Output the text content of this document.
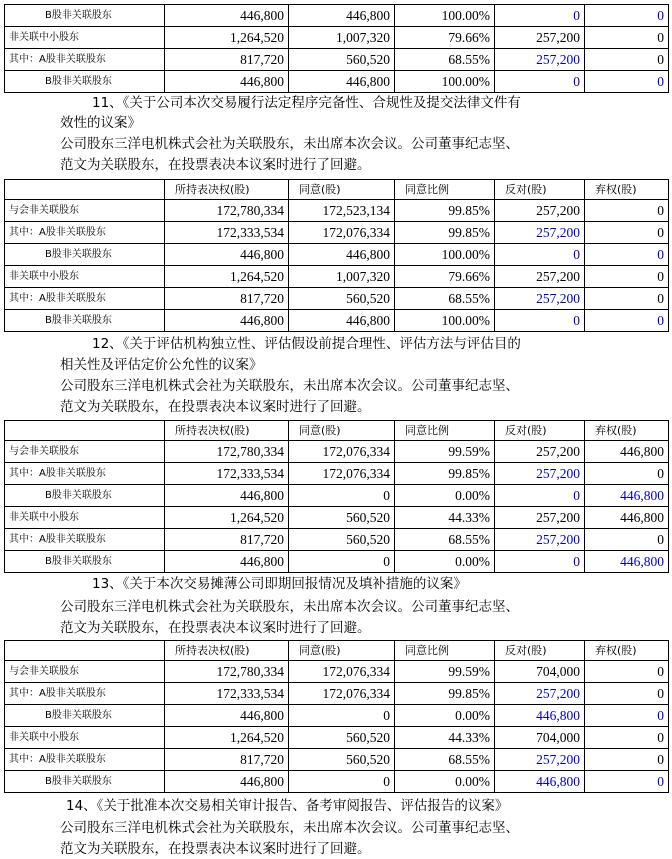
B股非关联股东	446,800	446,800	100.00%	0	0
非关联中小股东	1,264,520	1,007,320	79.66%	257,200	0
其中：A股非关联股东	817,720	560,520	68.55%	257,200	0
B股非关联股东	446,800	446,800	100.00%	0	0
11、《关于公司本次交易履行法定程序完备性、合规性及提交法律文件有
效性的议案》
公司股东三洋电机株式会社为关联股东，未出席本次会议。公司董事纪志坚、
范文为关联股东，在投票表决本议案时进行了回避。
	所持表决权(股)	同意(股)	同意比例	反对(股)	弃权(股)
与会非关联股东	172,780,334	172,523,134	99.85%	257,200	0
其中：A股非关联股东	172,333,534	172,076,334	99.85%	257,200	0
B股非关联股东	446,800	446,800	100.00%	0	0
非关联中小股东	1,264,520	1,007,320	79.66%	257,200	0
其中：A股非关联股东	817,720	560,520	68.55%	257,200	0
B股非关联股东	446,800	446,800	100.00%	0	0
12、《关于评估机构独立性、评估假设前提合理性、评估方法与评估目的
相关性及评估定价公允性的议案》
公司股东三洋电机株式会社为关联股东，未出席本次会议。公司董事纪志坚、
范文为关联股东，在投票表决本议案时进行了回避。
	所持表决权(股)	同意(股)	同意比例	反对(股)	弃权(股)
与会非关联股东	172,780,334	172,076,334	99.59%	257,200	446,800
其中：A股非关联股东	172,333,534	172,076,334	99.85%	257,200	0
B股非关联股东	446,800	0	0.00%	0	446,800
非关联中小股东	1,264,520	560,520	44.33%	257,200	446,800
其中：A股非关联股东	817,720	560,520	68.55%	257,200	0
B股非关联股东	446,800	0	0.00%	0	446,800
13、《关于本次交易摊薄公司即期回报情况及填补措施的议案》
公司股东三洋电机株式会社为关联股东，未出席本次会议。公司董事纪志坚、
范文为关联股东，在投票表决本议案时进行了回避。
	所持表决权(股)	同意(股)	同意比例	反对(股)	弃权(股)
与会非关联股东	172,780,334	172,076,334	99.59%	704,000	0
其中：A股非关联股东	172,333,534	172,076,334	99.85%	257,200	0
B股非关联股东	446,800	0	0.00%	446,800	0
非关联中小股东	1,264,520	560,520	44.33%	704,000	0
其中：A股非关联股东	817,720	560,520	68.55%	257,200	0
B股非关联股东	446,800	0	0.00%	446,800	0
14、《关于批准本次交易相关审计报告、备考审阅报告、评估报告的议案》
公司股东三洋电机株式会社为关联股东，未出席本次会议。公司董事纪志坚、
范文为关联股东，在投票表决本议案时进行了回避。
